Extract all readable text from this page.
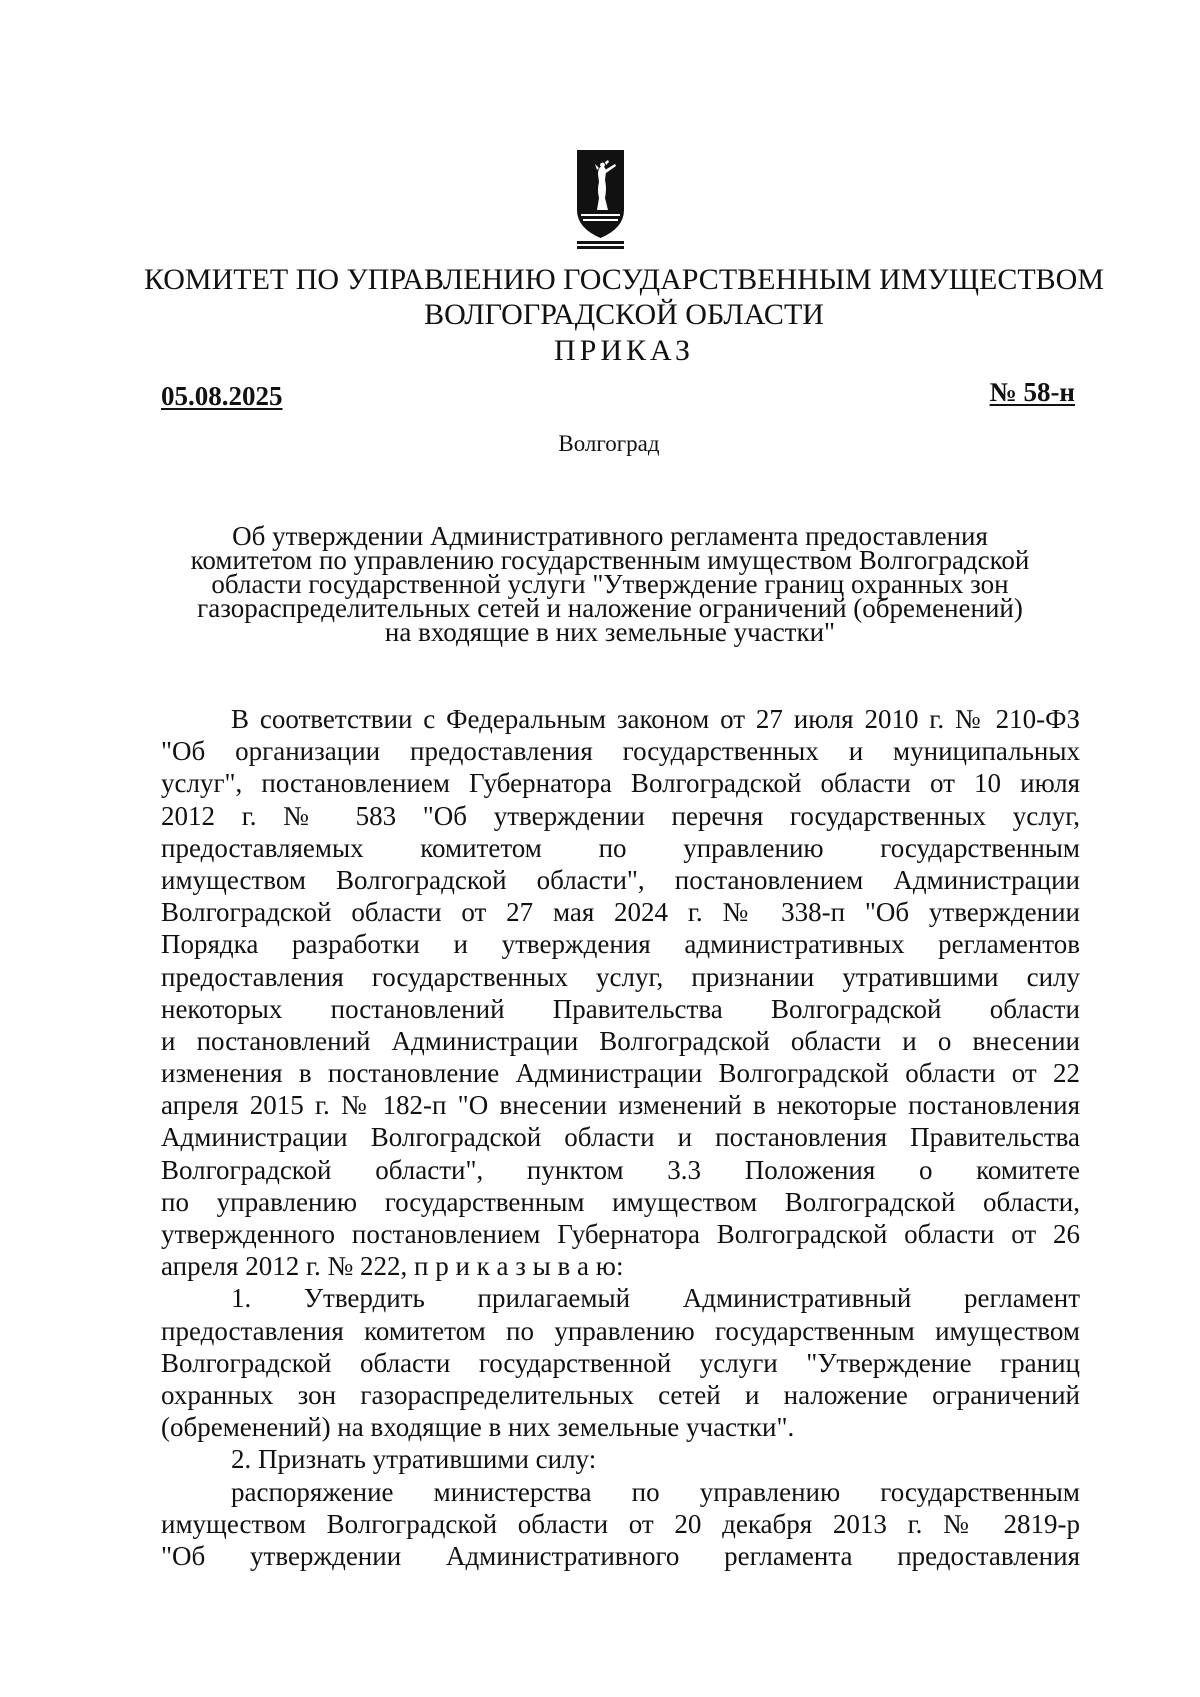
КОМИТЕТ ПО УПРАВЛЕНИЮ ГОСУДАРСТВЕННЫМ ИМУЩЕСТВОМ
ВОЛГОГРАДСКОЙ ОБЛАСТИ
ПРИКАЗ
05.08.2025	№ 58-н
Волгоград
Об утверждении Административного регламента предоставления
комитетом по управлению государственным имуществом Волгоградской
области государственной услуги "Утверждение границ охранных зон
газораспределительных сетей и наложение ограничений (обременений)
на входящие в них земельные участки"
В соответствии с Федеральным законом от 27 июля 2010 г. № 210-ФЗ
"Об организации предоставления государственных и муниципальных
услуг", постановлением Губернатора Волгоградской области от 10 июля
2012 г. № 583 "Об утверждении перечня государственных услуг,
предоставляемых комитетом по управлению государственным
имуществом Волгоградской области", постановлением Администрации
Волгоградской области от 27 мая 2024 г. № 338-п "Об утверждении
Порядка разработки и утверждения административных регламентов
предоставления государственных услуг, признании утратившими силу
некоторых постановлений Правительства Волгоградской области
и постановлений Администрации Волгоградской области и о внесении
изменения в постановление Администрации Волгоградской области от 22
апреля 2015 г. № 182-п "О внесении изменений в некоторые постановления
Администрации Волгоградской области и постановления Правительства
Волгоградской области", пунктом 3.3 Положения о комитете
по управлению государственным имуществом Волгоградской области,
утвержденного постановлением Губернатора Волгоградской области от 26
апреля 2012 г. № 222, п р и к а з ы в а ю:
1. Утвердить прилагаемый Административный регламент
предоставления комитетом по управлению государственным имуществом
Волгоградской области государственной услуги "Утверждение границ
охранных зон газораспределительных сетей и наложение ограничений
(обременений) на входящие в них земельные участки".
2. Признать утратившими силу:
распоряжение министерства по управлению государственным
имуществом Волгоградской области от 20 декабря 2013 г. № 2819-р
"Об утверждении Административного регламента предоставления
